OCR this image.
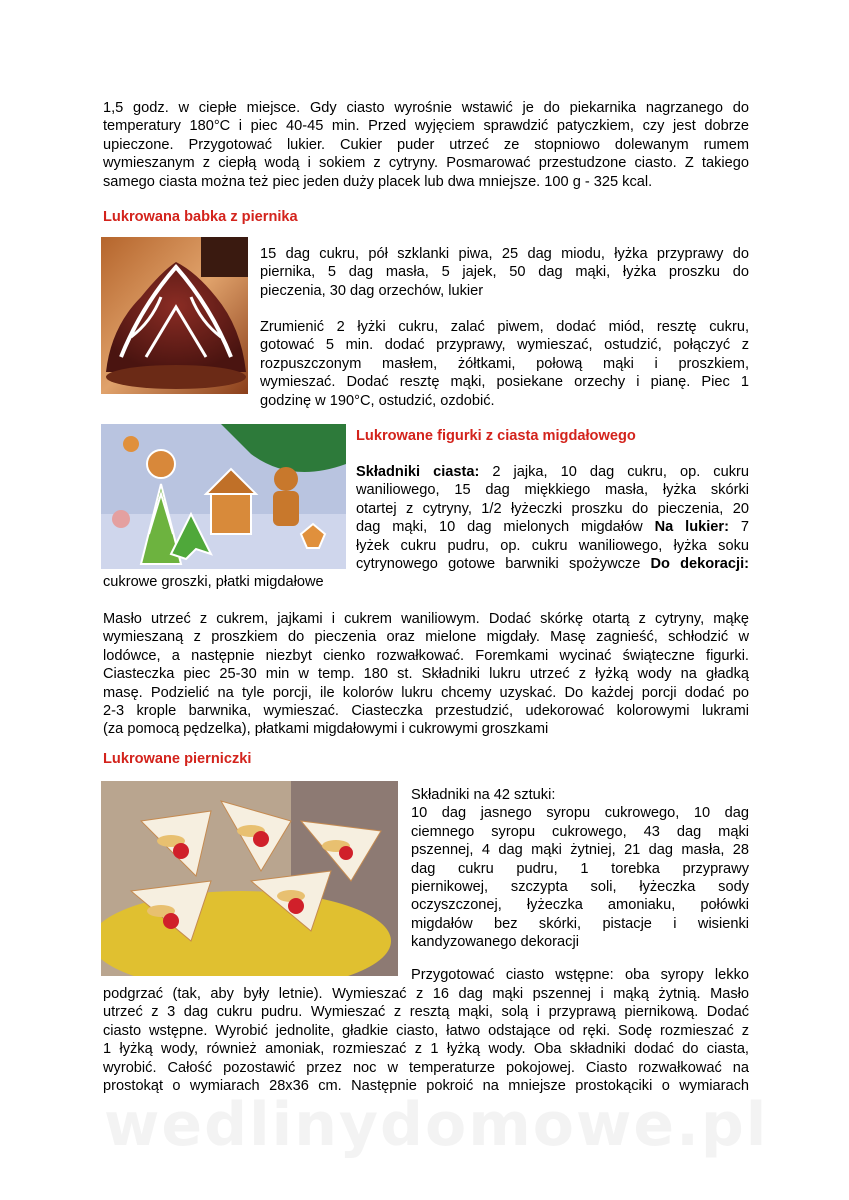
1,5 godz. w ciepłe miejsce. Gdy ciasto wyrośnie wstawić je do piekarnika nagrzanego do
temperatury 180°C i piec 40-45 min. Przed wyjęciem sprawdzić patyczkiem, czy jest dobrze
upieczone. Przygotować lukier. Cukier puder utrzeć ze stopniowo dolewanym rumem
wymieszanym z ciepłą wodą i sokiem z cytryny. Posmarować przestudzone ciasto. Z takiego
samego ciasta można też piec jeden duży placek lub dwa mniejsze. 100 g - 325 kcal.
Lukrowana babka z piernika
15 dag cukru, pół szklanki piwa, 25 dag miodu, łyżka przyprawy do
piernika, 5 dag masła, 5 jajek, 50 dag mąki, łyżka proszku do
pieczenia, 30 dag orzechów, lukier
Zrumienić 2 łyżki cukru, zalać piwem, dodać miód, resztę cukru,
gotować 5 min. dodać przyprawy, wymieszać, ostudzić, połączyć z
rozpuszczonym masłem, żółtkami, połową mąki i proszkiem,
wymieszać. Dodać resztę mąki, posiekane orzechy i pianę. Piec 1
godzinę w 190°C, ostudzić, ozdobić.
Lukrowane figurki z ciasta migdałowego
Składniki ciasta: 2 jajka, 10 dag cukru, op. cukru
waniliowego, 15 dag miękkiego masła, łyżka skórki
otartej z cytryny, 1/2 łyżeczki proszku do pieczenia, 20
dag mąki, 10 dag mielonych migdałów Na lukier: 7
łyżek cukru pudru, op. cukru waniliowego, łyżka soku
cytrynowego gotowe barwniki spożywcze Do dekoracji:
cukrowe groszki, płatki migdałowe
Masło utrzeć z cukrem, jajkami i cukrem waniliowym. Dodać skórkę otartą z cytryny, mąkę
wymieszaną z proszkiem do pieczenia oraz mielone migdały. Masę zagnieść, schłodzić w
lodówce, a następnie niezbyt cienko rozwałkować. Foremkami wycinać świąteczne figurki.
Ciasteczka piec 25-30 min w temp. 180 st. Składniki lukru utrzeć z łyżką wody na gładką
masę. Podzielić na tyle porcji, ile kolorów lukru chcemy uzyskać. Do każdej porcji dodać po
2-3 krople barwnika, wymieszać. Ciasteczka przestudzić, udekorować kolorowymi lukrami
(za pomocą pędzelka), płatkami migdałowymi i cukrowymi groszkami
Lukrowane pierniczki
Składniki na 42 sztuki:
10 dag jasnego syropu cukrowego, 10 dag
ciemnego syropu cukrowego, 43 dag mąki
pszennej, 4 dag mąki żytniej, 21 dag masła, 28
dag cukru pudru, 1 torebka przyprawy
piernikowej, szczypta soli, łyżeczka sody
oczyszczonej, łyżeczka amoniaku, połówki
migdałów bez skórki, pistacje i wisienki
kandyzowanego dekoracji
Przygotować ciasto wstępne: oba syropy lekko
podgrzać (tak, aby były letnie). Wymieszać z 16 dag mąki pszennej i mąką żytnią. Masło
utrzeć z 3 dag cukru pudru. Wymieszać z resztą mąki, solą i przyprawą piernikową. Dodać
ciasto wstępne. Wyrobić jednolite, gładkie ciasto, łatwo odstające od ręki. Sodę rozmieszać z
1 łyżką wody, również amoniak, rozmieszać z 1 łyżką wody. Oba składniki dodać do ciasta,
wyrobić. Całość pozostawić przez noc w temperaturze pokojowej. Ciasto rozwałkować na
prostokąt o wymiarach 28x36 cm. Następnie pokroić na mniejsze prostokąciki o wymiarach
wedlinydomowe.pl
